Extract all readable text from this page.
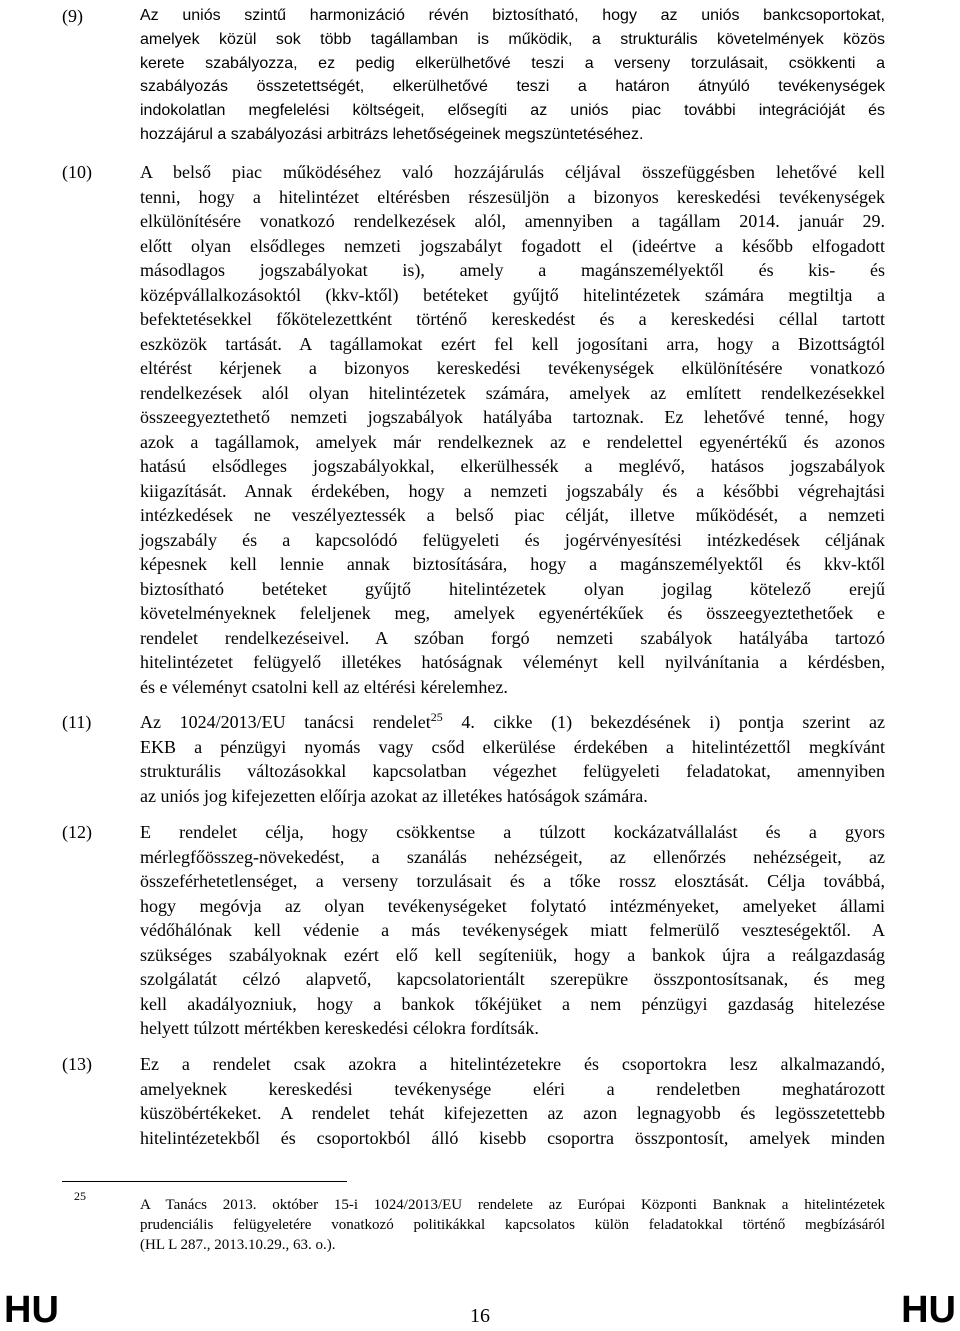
(9)	Az uniós szintű harmonizáció révén biztosítható, hogy az uniós bankcsoportokat,
amelyek közül sok több tagállamban is működik, a strukturális követelmények közös
kerete szabályozza, ez pedig elkerülhetővé teszi a verseny torzulásait, csökkenti a
szabályozás összetettségét, elkerülhetővé teszi a határon átnyúló tevékenységek
indokolatlan megfelelési költségeit, elősegíti az uniós piac további integrációját és
hozzájárul a szabályozási arbitrázs lehetőségeinek megszüntetéséhez.
(10)	A belső piac működéséhez való hozzájárulás céljával összefüggésben lehetővé kell
tenni, hogy a hitelintézet eltérésben részesüljön a bizonyos kereskedési tevékenységek
elkülönítésére vonatkozó rendelkezések alól, amennyiben a tagállam 2014. január 29.
előtt olyan elsődleges nemzeti jogszabályt fogadott el (ideértve a később elfogadott
másodlagos jogszabályokat is), amely a magánszemélyektől és kis- és
középvállalkozásoktól (kkv-ktől) betéteket gyűjtő hitelintézetek számára megtiltja a
befektetésekkel főkötelezettként történő kereskedést és a kereskedési céllal tartott
eszközök tartását. A tagállamokat ezért fel kell jogosítani arra, hogy a Bizottságtól
eltérést kérjenek a bizonyos kereskedési tevékenységek elkülönítésére vonatkozó
rendelkezések alól olyan hitelintézetek számára, amelyek az említett rendelkezésekkel
összeegyeztethető nemzeti jogszabályok hatályába tartoznak. Ez lehetővé tenné, hogy
azok a tagállamok, amelyek már rendelkeznek az e rendelettel egyenértékű és azonos
hatású elsődleges jogszabályokkal, elkerülhessék a meglévő, hatásos jogszabályok
kiigazítását. Annak érdekében, hogy a nemzeti jogszabály és a későbbi végrehajtási
intézkedések ne veszélyeztessék a belső piac célját, illetve működését, a nemzeti
jogszabály és a kapcsolódó felügyeleti és jogérvényesítési intézkedések céljának
képesnek kell lennie annak biztosítására, hogy a magánszemélyektől és kkv-ktől
biztosítható betéteket gyűjtő hitelintézetek olyan jogilag kötelező erejű
követelményeknek feleljenek meg, amelyek egyenértékűek és összeegyeztethetőek e
rendelet rendelkezéseivel. A szóban forgó nemzeti szabályok hatályába tartozó
hitelintézetet felügyelő illetékes hatóságnak véleményt kell nyilvánítania a kérdésben,
és e véleményt csatolni kell az eltérési kérelemhez.
(11)	Az 1024/2013/EU tanácsi rendelet$^{25}$ 4. cikke (1) bekezdésének i) pontja szerint az
EKB a pénzügyi nyomás vagy csőd elkerülése érdekében a hitelintézettől megkívánt
strukturális változásokkal kapcsolatban végezhet felügyeleti feladatokat, amennyiben
az uniós jog kifejezetten előírja azokat az illetékes hatóságok számára.
(12)	E rendelet célja, hogy csökkentse a túlzott kockázatvállalást és a gyors
mérlegfőösszeg-növekedést, a szanálás nehézségeit, az ellenőrzés nehézségeit, az
összeférhetetlenséget, a verseny torzulásait és a tőke rossz elosztását. Célja továbbá,
hogy megóvja az olyan tevékenységeket folytató intézményeket, amelyeket állami
védőhálónak kell védenie a más tevékenységek miatt felmerülő veszteségektől. A
szükséges szabályoknak ezért elő kell segíteniük, hogy a bankok újra a reálgazdaság
szolgálatát célzó alapvető, kapcsolatorientált szerepükre összpontosítsanak, és meg
kell akadályozniuk, hogy a bankok tőkéjüket a nem pénzügyi gazdaság hitelezése
helyett túlzott mértékben kereskedési célokra fordítsák.
(13)	Ez a rendelet csak azokra a hitelintézetekre és csoportokra lesz alkalmazandó,
amelyeknek kereskedési tevékenysége eléri a rendeletben meghatározott
küszöbértékeket. A rendelet tehát kifejezetten az azon legnagyobb és legösszetettebb
hitelintézetekből és csoportokból álló kisebb csoportra összpontosít, amelyek minden
25
A Tanács 2013. október 15-i 1024/2013/EU rendelete az Európai Központi Banknak a hitelintézetek
prudenciális felügyeletére vonatkozó politikákkal kapcsolatos külön feladatokkal történő megbízásáról
(HL L 287., 2013.10.29., 63. o.).
HU	16	HU
